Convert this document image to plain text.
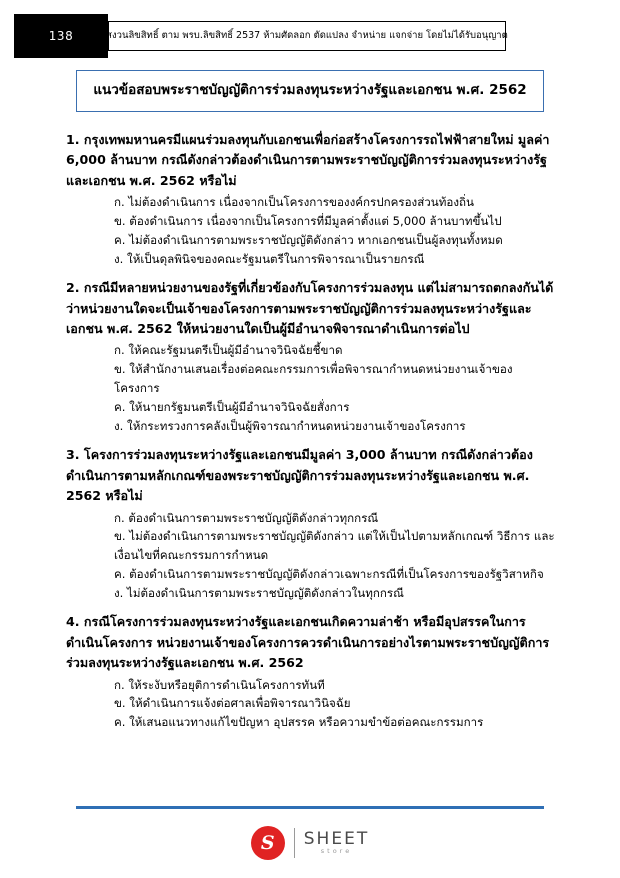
138	สงวนลิขสิทธิ์ ตาม พรบ.ลิขสิทธิ์ 2537 ห้ามศัดลอก ตัดแปลง จำหน่าย แจกจ่าย โดยไม่ได้รับอนุญาต
แนวข้อสอบพระราชบัญญัติการร่วมลงทุนระหว่างรัฐและเอกชน พ.ศ. 2562
1. กรุงเทพมหานครมีแผนร่วมลงทุนกับเอกชนเพื่อก่อสร้างโครงการรถไฟฟ้าสายใหม่ มูลค่า 6,000 ล้านบาท กรณีดังกล่าวต้องดำเนินการตามพระราชบัญญัติการร่วมลงทุนระหว่างรัฐและเอกชน พ.ศ. 2562 หรือไม่
ก. ไม่ต้องดำเนินการ เนื่องจากเป็นโครงการของงค์กรปกครองส่วนท้องถิ่น
ข. ต้องดำเนินการ เนื่องจากเป็นโครงการที่มีมูลค่าตั้งแต่ 5,000 ล้านบาทขึ้นไป
ค. ไม่ต้องดำเนินการตามพระราชบัญญัติดังกล่าว หากเอกชนเป็นผู้ลงทุนทั้งหมด
ง. ให้เป็นดุลพินิจของคณะรัฐมนตรีในการพิจารณาเป็นรายกรณี
2. กรณีมีหลายหน่วยงานของรัฐที่เกี่ยวข้องกับโครงการร่วมลงทุน แต่ไม่สามารถตกลงกันได้ว่าหน่วยงานใดจะเป็นเจ้าของโครงการตามพระราชบัญญัติการร่วมลงทุนระหว่างรัฐและเอกชน พ.ศ. 2562 ให้หน่วยงานใดเป็นผู้มีอำนาจพิจารณาดำเนินการต่อไป
ก. ให้คณะรัฐมนตรีเป็นผู้มีอำนาจวินิจฉัยชี้ขาด
ข. ให้สำนักงานเสนอเรื่องต่อคณะกรรมการเพื่อพิจารณากำหนดหน่วยงานเจ้าของโครงการ
ค. ให้นายกรัฐมนตรีเป็นผู้มีอำนาจวินิจฉัยสั่งการ
ง. ให้กระทรวงการคลังเป็นผู้พิจารณากำหนดหน่วยงานเจ้าของโครงการ
3. โครงการร่วมลงทุนระหว่างรัฐและเอกชนมีมูลค่า 3,000 ล้านบาท กรณีดังกล่าวต้องดำเนินการตามหลักเกณฑ์ของพระราชบัญญัติการร่วมลงทุนระหว่างรัฐและเอกชน พ.ศ. 2562 หรือไม่
ก. ต้องดำเนินการตามพระราชบัญญัติดังกล่าวทุกกรณี
ข. ไม่ต้องดำเนินการตามพระราชบัญญัติดังกล่าว แต่ให้เป็นไปตามหลักเกณฑ์ วิธีการ และเงื่อนไขที่คณะกรรมการกำหนด
ค. ต้องดำเนินการตามพระราชบัญญัติดังกล่าวเฉพาะกรณีที่เป็นโครงการของรัฐวิสาหกิจ
ง. ไม่ต้องดำเนินการตามพระราชบัญญัติดังกล่าวในทุกกรณี
4. กรณีโครงการร่วมลงทุนระหว่างรัฐและเอกชนเกิดความล่าช้า หรือมีอุปสรรคในการดำเนินโครงการ หน่วยงานเจ้าของโครงการควรดำเนินการอย่างไรตามพระราชบัญญัติการร่วมลงทุนระหว่างรัฐและเอกชน พ.ศ. 2562
ก. ให้ระงับหรือยุติการดำเนินโครงการทันที
ข. ให้ดำเนินการแจ้งต่อศาลเพื่อพิจารณาวินิจฉัย
ค. ให้เสนอแนวทางแก้ไขปัญหา อุปสรรค หรือความขำข้อต่อคณะกรรมการ
S	SHEET
store
